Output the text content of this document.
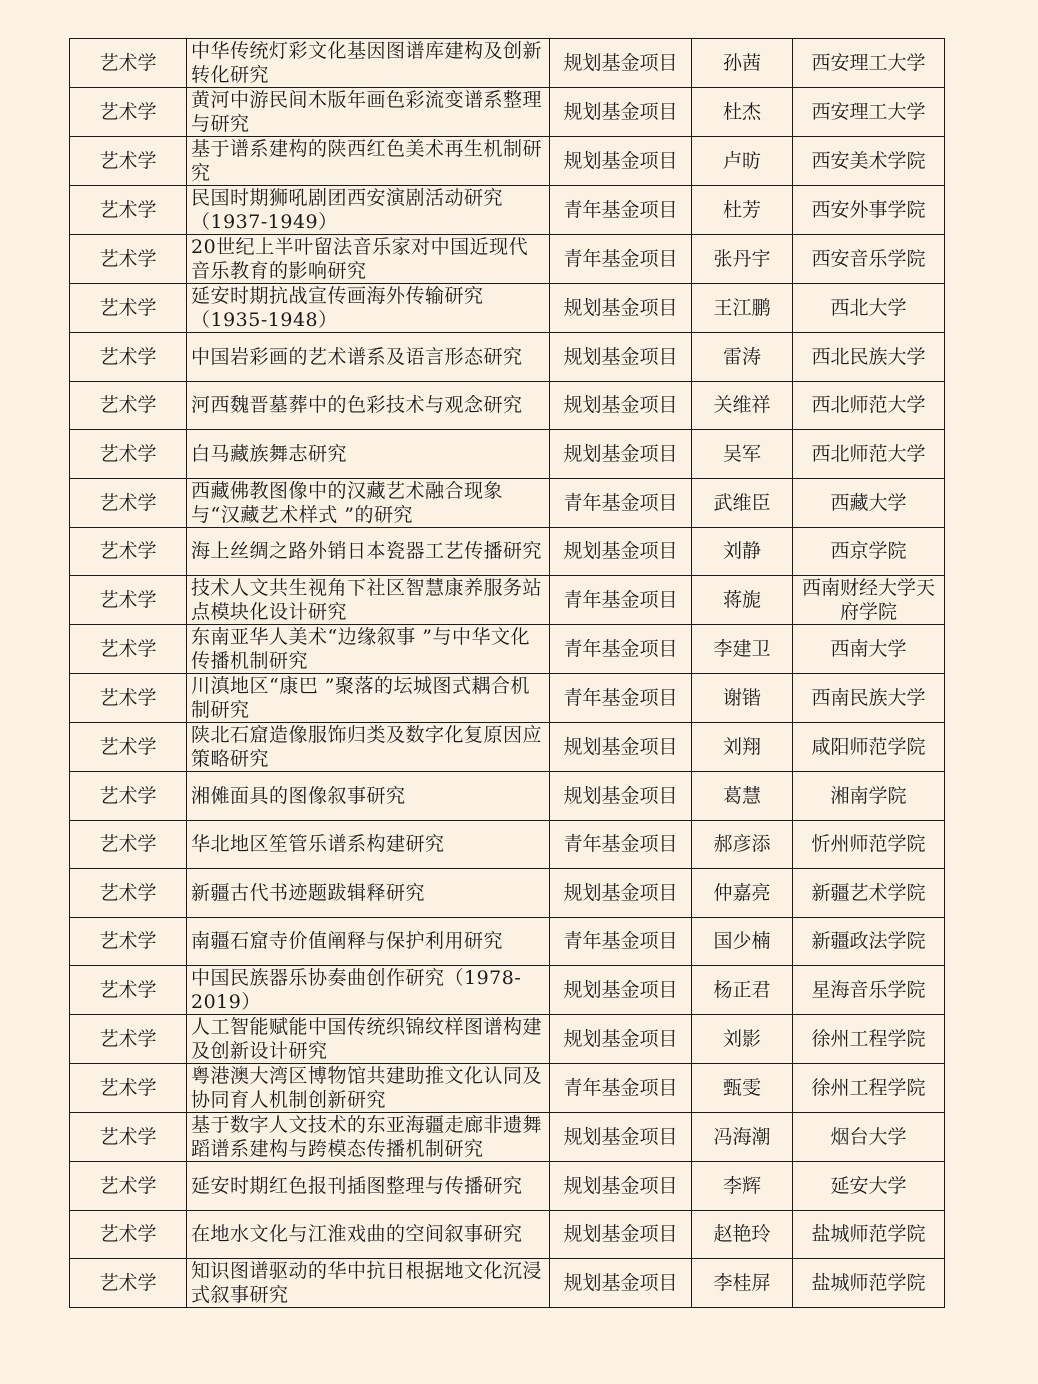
艺术学	中华传统灯彩文化基因图谱库建构及创新转化研究	规划基金项目	孙茜	西安理工大学
艺术学	黄河中游民间木版年画色彩流变谱系整理与研究	规划基金项目	杜杰	西安理工大学
艺术学	基于谱系建构的陕西红色美术再生机制研究	规划基金项目	卢昉	西安美术学院
艺术学	民国时期狮吼剧团西安演剧活动研究（1937-1949）	青年基金项目	杜芳	西安外事学院
艺术学	20世纪上半叶留法音乐家对中国近现代音乐教育的影响研究	青年基金项目	张丹宇	西安音乐学院
艺术学	延安时期抗战宣传画海外传输研究（1935-1948）	规划基金项目	王江鹏	西北大学
艺术学	中国岩彩画的艺术谱系及语言形态研究	规划基金项目	雷涛	西北民族大学
艺术学	河西魏晋墓葬中的色彩技术与观念研究	规划基金项目	关维祥	西北师范大学
艺术学	白马藏族舞志研究	规划基金项目	吴军	西北师范大学
艺术学	西藏佛教图像中的汉藏艺术融合现象与“汉藏艺术样式 ”的研究	青年基金项目	武维臣	西藏大学
艺术学	海上丝绸之路外销日本瓷器工艺传播研究	规划基金项目	刘静	西京学院
艺术学	技术人文共生视角下社区智慧康养服务站点模块化设计研究	青年基金项目	蒋旎	西南财经大学天府学院
艺术学	东南亚华人美术“边缘叙事 ”与中华文化传播机制研究	青年基金项目	李建卫	西南大学
艺术学	川滇地区“康巴 ”聚落的坛城图式耦合机制研究	青年基金项目	谢锴	西南民族大学
艺术学	陕北石窟造像服饰归类及数字化复原因应策略研究	规划基金项目	刘翔	咸阳师范学院
艺术学	湘傩面具的图像叙事研究	规划基金项目	葛慧	湘南学院
艺术学	华北地区笙管乐谱系构建研究	青年基金项目	郝彦添	忻州师范学院
艺术学	新疆古代书迹题跋辑释研究	规划基金项目	仲嘉亮	新疆艺术学院
艺术学	南疆石窟寺价值阐释与保护利用研究	青年基金项目	国少楠	新疆政法学院
艺术学	中国民族器乐协奏曲创作研究（1978-2019）	规划基金项目	杨正君	星海音乐学院
艺术学	人工智能赋能中国传统织锦纹样图谱构建及创新设计研究	规划基金项目	刘影	徐州工程学院
艺术学	粤港澳大湾区博物馆共建助推文化认同及协同育人机制创新研究	青年基金项目	甄雯	徐州工程学院
艺术学	基于数字人文技术的东亚海疆走廊非遗舞蹈谱系建构与跨模态传播机制研究	规划基金项目	冯海潮	烟台大学
艺术学	延安时期红色报刊插图整理与传播研究	规划基金项目	李辉	延安大学
艺术学	在地水文化与江淮戏曲的空间叙事研究	规划基金项目	赵艳玲	盐城师范学院
艺术学	知识图谱驱动的华中抗日根据地文化沉浸式叙事研究	规划基金项目	李桂屏	盐城师范学院
